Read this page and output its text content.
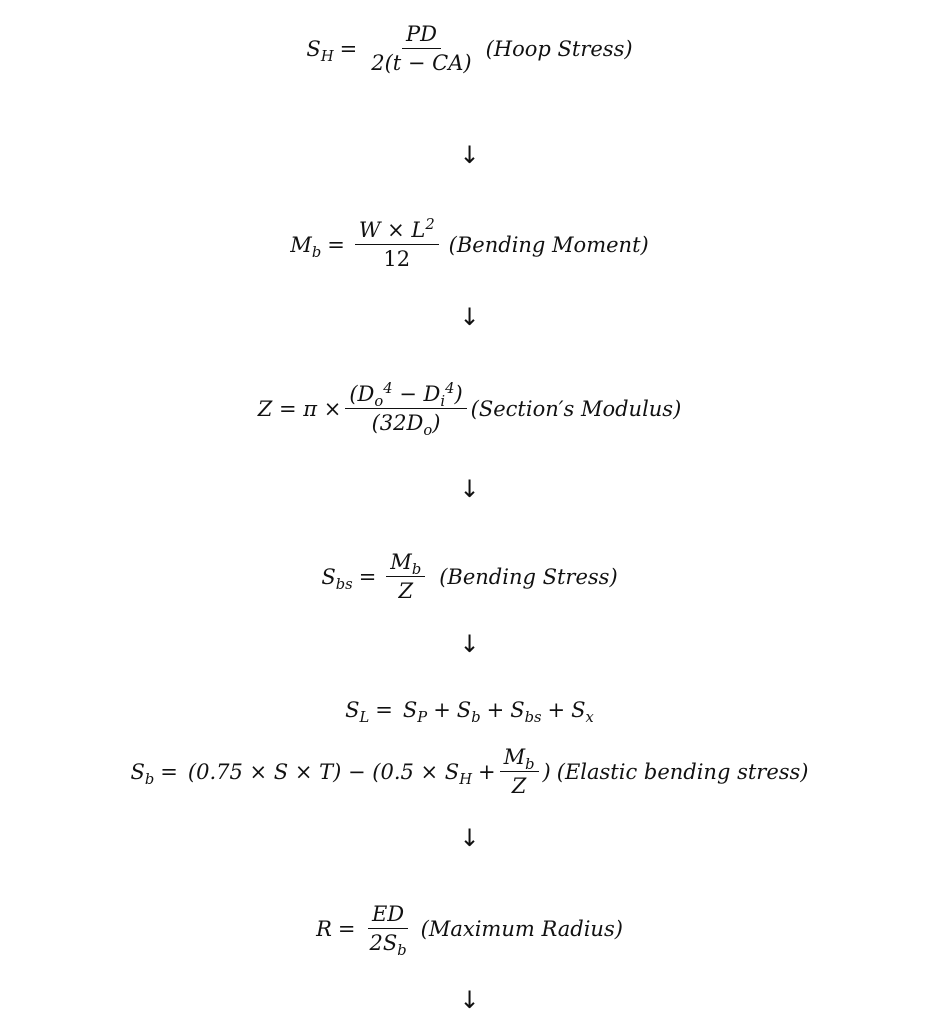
$S_H = \frac{PD}{2(t - CA)}$ (Hoop Stress)
↓
$M_b = \frac{W \times L^2}{12}$ (Bending Moment)
↓
$Z = \pi \times \frac{(D_o^4 - D_i^4)}{(32D_o)}$ (Section′s Modulus)
↓
$S_{bs} = \frac{M_b}{Z}$ (Bending Stress)
↓
$S_L = S_P + S_b + S_{bs} + S_x$
$S_b = (0.75 \times S \times T) - (0.5 \times S_H + \frac{M_b}{Z}$ ) (Elastic bending stress)
↓
$R = \frac{ED}{2S_b}$ (Maximum Radius)
↓
